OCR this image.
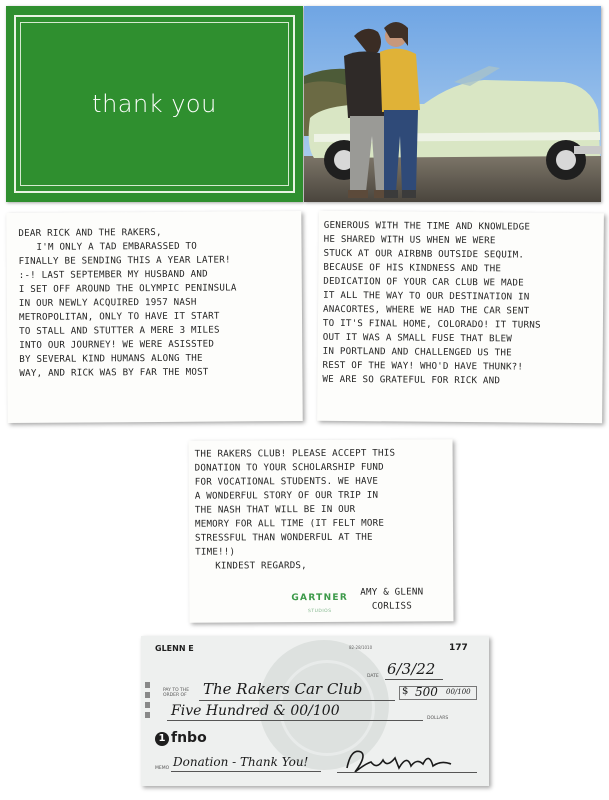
thank you
DEAR RICK AND THE RAKERS,
I'M ONLY A TAD EMBARASSED TO
FINALLY BE SENDING THIS A YEAR LATER!
:-! LAST SEPTEMBER MY HUSBAND AND
I SET OFF AROUND THE OLYMPIC PENINSULA
IN OUR NEWLY ACQUIRED 1957 NASH
METROPOLITAN, ONLY TO HAVE IT START
TO STALL AND STUTTER A MERE 3 MILES
INTO OUR JOURNEY! WE WERE ASISSTED
BY SEVERAL KIND HUMANS ALONG THE
WAY, AND RICK WAS BY FAR THE MOST
GENEROUS WITH THE TIME AND KNOWLEDGE
HE SHARED WITH US WHEN WE WERE
STUCK AT OUR AIRBNB OUTSIDE SEQUIM.
BECAUSE OF HIS KINDNESS AND THE
DEDICATION OF YOUR CAR CLUB WE MADE
IT ALL THE WAY TO OUR DESTINATION IN
ANACORTES, WHERE WE HAD THE CAR SENT
TO IT'S FINAL HOME, COLORADO! IT TURNS
OUT IT WAS A SMALL FUSE THAT BLEW
IN PORTLAND AND CHALLENGED US THE
REST OF THE WAY! WHO'D HAVE THUNK?!
WE ARE SO GRATEFUL FOR RICK AND
THE RAKERS CLUB! PLEASE ACCEPT THIS
DONATION TO YOUR SCHOLARSHIP FUND
FOR VOCATIONAL STUDENTS. WE HAVE
A WONDERFUL STORY OF OUR TRIP IN
THE NASH THAT WILL BE IN OUR
MEMORY FOR ALL TIME (IT FELT MORE
STRESSFUL THAN WONDERFUL AT THE
TIME!!)
KINDEST REGARDS,
GARTNER
STUDIOS
AMY & GLENN
CORLISS
GLENN E	82-28/1010	177
DATE 6/3/22
PAY TO THE ORDER OF	The Rakers Car Club	$ 500 00/100
Five Hundred & 00/100	DOLLARS
1 fnbo
MEMO Donation - Thank You!
